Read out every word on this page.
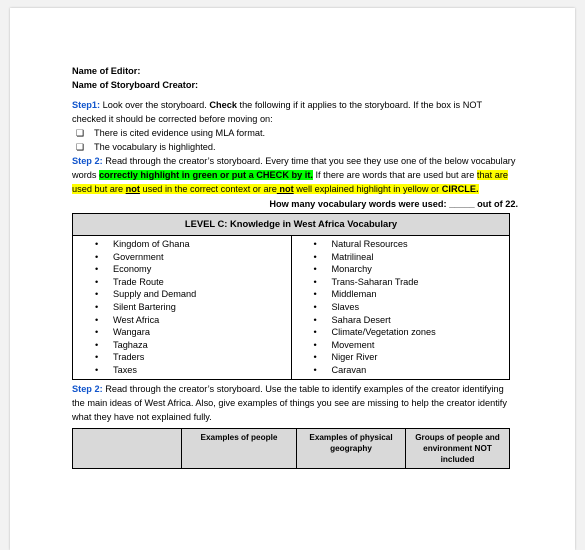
Name of Editor:
Name of Storyboard Creator:
Step1: Look over the storyboard. Check the following if it applies to the storyboard. If the box is NOT checked it should be corrected before moving on:
❏ There is cited evidence using MLA format.
❏ The vocabulary is highlighted.
Step 2: Read through the creator’s storyboard. Every time that you see they use one of the below vocabulary words correctly highlight in green or put a CHECK by it. If there are words that are used but are that are used but are not used in the correct context or are not well explained highlight in yellow or CIRCLE.
How many vocabulary words were used: _____ out of 22.
LEVEL C: Knowledge in West Africa Vocabulary

• Kingdom of Ghana
• Government
• Economy
• Trade Route
• Supply and Demand
• Silent Bartering
• West Africa
• Wangara
• Taghaza
• Traders
• Taxes

• Natural Resources
• Matrilineal
• Monarchy
• Trans-Saharan Trade
• Middleman
• Slaves
• Sahara Desert
• Climate/Vegetation zones
• Movement
• Niger River
• Caravan
Step 2: Read through the creator’s storyboard. Use the table to identify examples of the creator identifying the main ideas of West Africa. Also, give examples of things you see are missing to help the creator identify what they have not explained fully.
	Examples of people	Examples of physical geography	Groups of people and environment NOT included
